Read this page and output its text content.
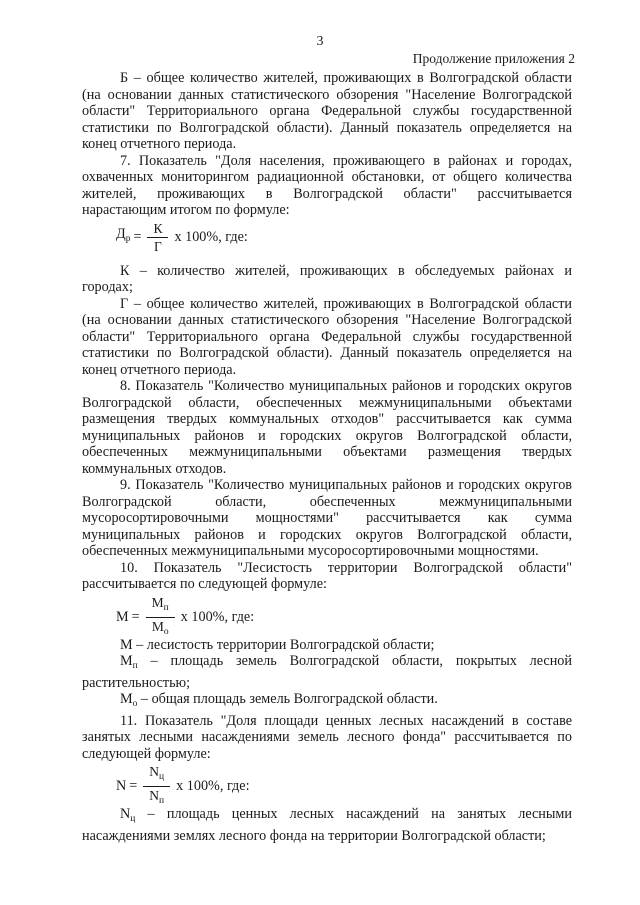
3
Продолжение приложения 2

Б – общее количество жителей, проживающих в Волгоградской области (на основании данных статистического обзорения "Население Волгоградской области" Территориального органа Федеральной службы государственной статистики по Волгоградской области). Данный показатель определяется на конец отчетного периода.

7. Показатель "Доля населения, проживающего в районах и городах, охваченных мониторингом радиационной обстановки, от общего количества жителей, проживающих в Волгоградской области" рассчитывается нарастающим итогом по формуле:

$Д_р = \frac{К}{Г}$ х 100%, где:

К – количество жителей, проживающих в обследуемых районах и городах;

Г – общее количество жителей, проживающих в Волгоградской области (на основании данных статистического обзорения "Население Волгоградской области" Территориального органа Федеральной службы государственной статистики по Волгоградской области). Данный показатель определяется на конец отчетного периода.

8. Показатель "Количество муниципальных районов и городских округов Волгоградской области, обеспеченных межмуниципальными объектами размещения твердых коммунальных отходов" рассчитывается как сумма муниципальных районов и городских округов Волгоградской области, обеспеченных межмуниципальными объектами размещения твердых коммунальных отходов.

9. Показатель "Количество муниципальных районов и городских округов Волгоградской области, обеспеченных межмуниципальными мусоросортировочными мощностями" рассчитывается как сумма муниципальных районов и городских округов Волгоградской области, обеспеченных межмуниципальными мусоросортировочными мощностями.

10. Показатель "Лесистость территории Волгоградской области" рассчитывается по следующей формуле:

$М = \frac{М_п}{М_о}$ х 100%, где:

М – лесистость территории Волгоградской области;

$М_п$ – площадь земель Волгоградской области, покрытых лесной растительностью;

$М_о$ – общая площадь земель Волгоградской области.

11. Показатель "Доля площади ценных лесных насаждений в составе занятых лесными насаждениями земель лесного фонда" рассчитывается по следующей формуле:

$N = \frac{N_ц}{N_п}$ х 100%, где:

$N_ц$ – площадь ценных лесных насаждений на занятых лесными насаждениями землях лесного фонда на территории Волгоградской области;
